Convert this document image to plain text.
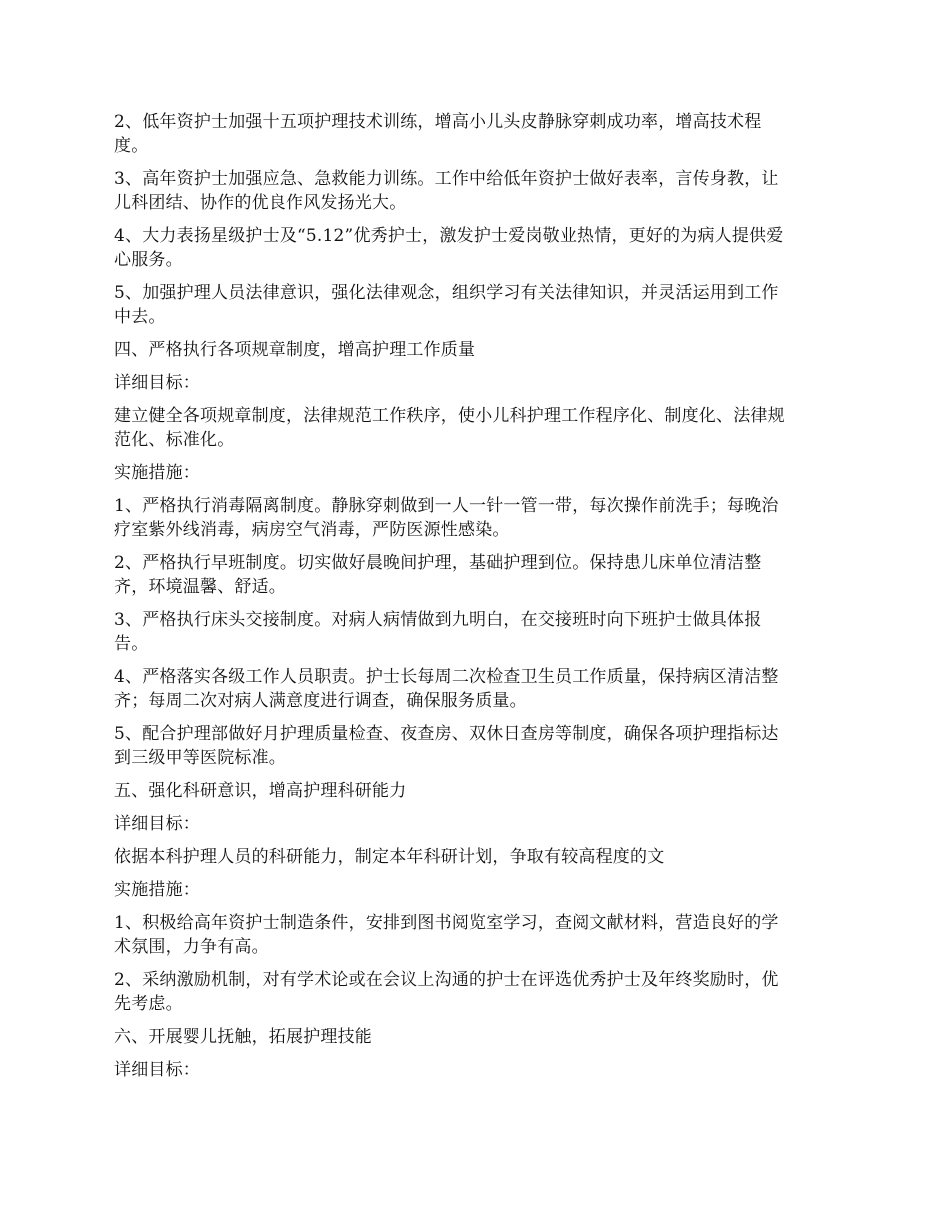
2、低年资护士加强十五项护理技术训练，增高小儿头皮静脉穿刺成功率，增高技术程
度。

3、高年资护士加强应急、急救能力训练。工作中给低年资护士做好表率，言传身教，让
儿科团结、协作的优良作风发扬光大。

4、大力表扬星级护士及“5.12”优秀护士，激发护士爱岗敬业热情，更好的为病人提供爱
心服务。

5、加强护理人员法律意识，强化法律观念，组织学习有关法律知识，并灵活运用到工作
中去。

四、严格执行各项规章制度，增高护理工作质量

详细目标：

建立健全各项规章制度，法律规范工作秩序，使小儿科护理工作程序化、制度化、法律规
范化、标准化。

实施措施：

1、严格执行消毒隔离制度。静脉穿刺做到一人一针一管一带，每次操作前洗手；每晚治
疗室紫外线消毒，病房空气消毒，严防医源性感染。

2、严格执行早班制度。切实做好晨晚间护理，基础护理到位。保持患儿床单位清洁整
齐，环境温馨、舒适。

3、严格执行床头交接制度。对病人病情做到九明白，在交接班时向下班护士做具体报
告。

4、严格落实各级工作人员职责。护士长每周二次检查卫生员工作质量，保持病区清洁整
齐；每周二次对病人满意度进行调查，确保服务质量。

5、配合护理部做好月护理质量检查、夜查房、双休日查房等制度，确保各项护理指标达
到三级甲等医院标准。

五、强化科研意识，增高护理科研能力

详细目标：

依据本科护理人员的科研能力，制定本年科研计划，争取有较高程度的文

实施措施：

1、积极给高年资护士制造条件，安排到图书阅览室学习，查阅文献材料，营造良好的学
术氛围，力争有高。

2、采纳激励机制，对有学术论或在会议上沟通的护士在评选优秀护士及年终奖励时，优
先考虑。

六、开展婴儿抚触，拓展护理技能

详细目标：
